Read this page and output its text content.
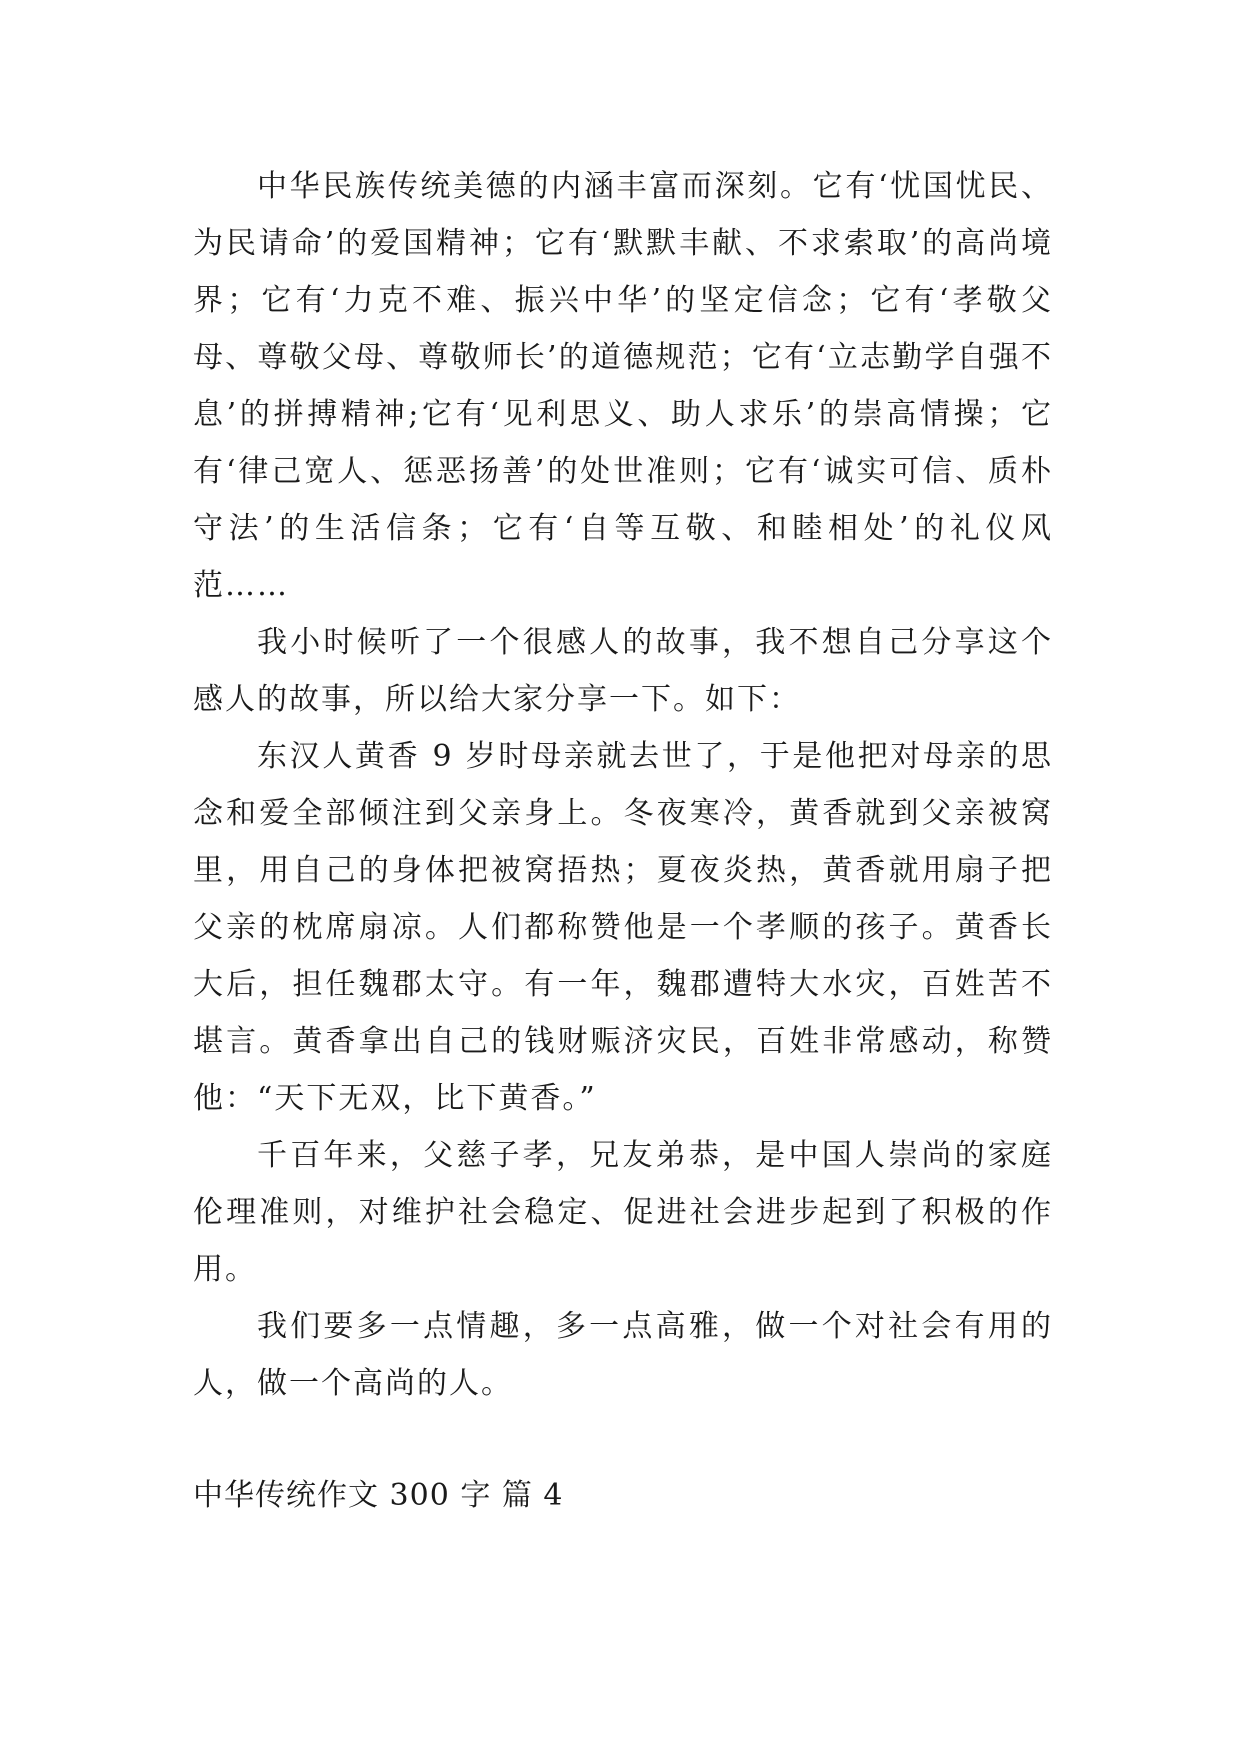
中华民族传统美德的内涵丰富而深刻。它有‘忧国忧民、为民请命’的爱国精神；它有‘默默丰献、不求索取’的高尚境界；它有‘力克不难、振兴中华’的坚定信念；它有‘孝敬父母、尊敬父母、尊敬师长’的道德规范；它有‘立志勤学自强不息’的拼搏精神;它有‘见利思义、助人求乐’的崇高情操；它有‘律己宽人、惩恶扬善’的处世准则；它有‘诚实可信、质朴守法’的生活信条；它有‘自等互敬、和睦相处’的礼仪风范……

我小时候听了一个很感人的故事，我不想自己分享这个感人的故事，所以给大家分享一下。如下：

东汉人黄香 9 岁时母亲就去世了，于是他把对母亲的思念和爱全部倾注到父亲身上。冬夜寒冷，黄香就到父亲被窝里，用自己的身体把被窝捂热；夏夜炎热，黄香就用扇子把父亲的枕席扇凉。人们都称赞他是一个孝顺的孩子。黄香长大后，担任魏郡太守。有一年，魏郡遭特大水灾，百姓苦不堪言。黄香拿出自己的钱财赈济灾民，百姓非常感动，称赞他：“天下无双，比下黄香。”

千百年来，父慈子孝，兄友弟恭，是中国人崇尚的家庭伦理准则，对维护社会稳定、促进社会进步起到了积极的作用。

我们要多一点情趣，多一点高雅，做一个对社会有用的人，做一个高尚的人。

中华传统作文 300 字 篇 4
